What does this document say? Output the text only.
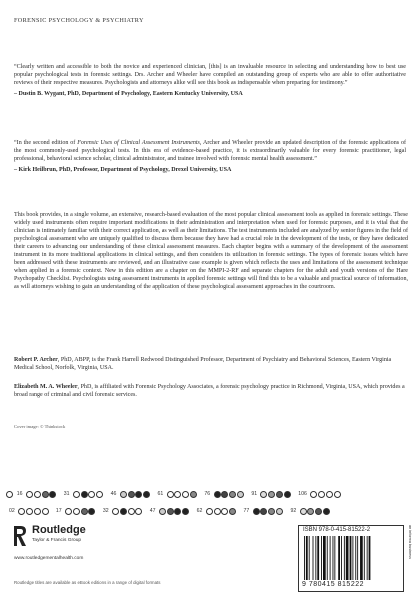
FORENSIC PSYCHOLOGY & PSYCHIATRY
“Clearly written and accessible to both the novice and experienced clinician, [this] is an invaluable resource in selecting and understanding how to best use popular psychological tests in forensic settings. Drs. Archer and Wheeler have compiled an outstanding group of experts who are able to offer authoritative reviews of their respective measures. Psychologists and attorneys alike will see this book as indispensable when preparing for testimony.”
– Dustin B. Wygant, PhD, Department of Psychology, Eastern Kentucky University, USA
“In the second edition of Forensic Uses of Clinical Assessment Instruments, Archer and Wheeler provide an updated description of the forensic applications of the most commonly-used psychological tests. In this era of evidence-based practice, it is extraordinarily valuable for every forensic practitioner, legal professional, behavioral science scholar, clinical administrator, and trainee involved with forensic mental health assessment.”
– Kirk Heilbrun, PhD, Professor, Department of Psychology, Drexel University, USA
This book provides, in a single volume, an extensive, research-based evaluation of the most popular clinical assessment tools as applied in forensic settings. These widely used instruments often require important modifications in their administration and interpretation when used for forensic purposes, and it is vital that the clinician is intimately familiar with their correct application, as well as their limitations. The test instruments included are analyzed by senior figures in the field of psychological assessment who are uniquely qualified to discuss them because they have had a crucial role in the development of the tests, or they have dedicated their careers to advancing our understanding of these clinical assessment measures. Each chapter begins with a summary of the development of the assessment instrument in its more traditional applications in clinical settings, and then considers its utilization in forensic settings. The types of forensic issues which have been addressed with these instruments are reviewed, and an illustrative case example is given which reflects the uses and limitations of the assessment technique when applied in a forensic context. New in this edition are a chapter on the MMPI-2-RF and separate chapters for the adult and youth versions of the Hare Psychopathy Checklist. Psychologists using assessment instruments in applied forensic settings will find this to be a valuable and practical source of information, as will attorneys wishing to gain an understanding of the application of these psychological assessment approaches in the courtroom.
Robert P. Archer, PhD, ABPP, is the Frank Harrell Redwood Distinguished Professor, Department of Psychiatry and Behavioral Sciences, Eastern Virginia Medical School, Norfolk, Virginia, USA.
Elizabeth M. A. Wheeler, PhD, is affiliated with Forensic Psychology Associates, a forensic psychology practice in Richmond, Virginia, USA, which provides a broad range of criminal and civil forensic services.
Cover image: © Thinkstock
16	31	46	61	76	91	106
02	17	32	47	62	77	92
Routledge
Taylor & Francis Group
www.routledgementalhealth.com
Routledge titles are available as eBook editions in a range of digital formats
ISBN 978-0-415-81522-2
9 780415 815222
an informa business
